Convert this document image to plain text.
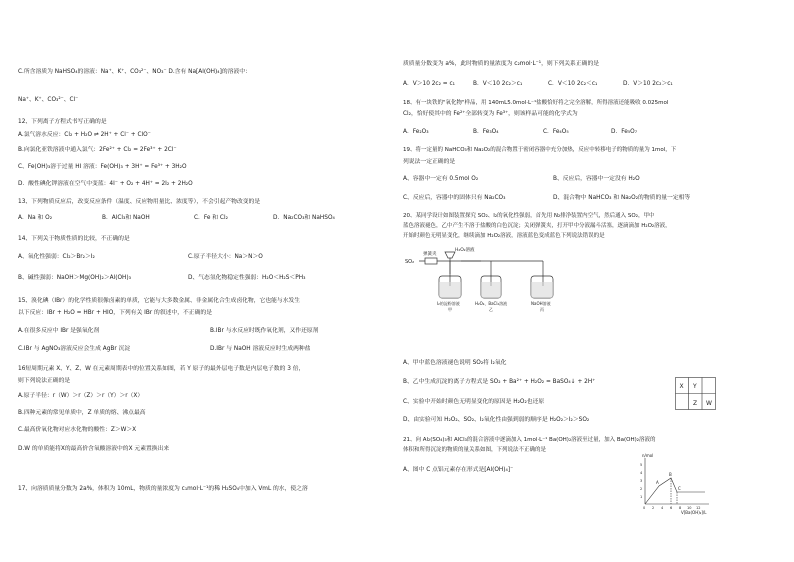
C.所含溶质为 NaHSO₄的溶液：Na⁺、K⁺、CO₃²⁻、NO₃⁻ D.含有 Na[Al(OH)₄]的溶液中：
Na⁺、K⁺、CO₃²⁻、Cl⁻
12、下列离子方程式书写正确的是
A.氯气溶水反应：Cl₂ + H₂O ⇌ 2H⁺ + Cl⁻ + ClO⁻
B.向氯化亚铁溶液中通入氯气：2Fe²⁺ + Cl₂ = 2Fe³⁺ + 2Cl⁻
C、Fe(OH)₃溶于过量 HI 溶液：Fe(OH)₃ + 3H⁺ = Fe³⁺ + 3H₂O
D．酸性碘化钾溶液在空气中变蓝：4I⁻ + O₂ + 4H⁺ = 2I₂ + 2H₂O
13、下列物质反应后，改变反应条件（温度、反应物用量比、浓度等），不会引起产物改变的是
A．Na 和 O₂	B．AlCl₃和 NaOH	C．Fe 和 Cl₂	D．Na₂CO₃和 NaHSO₄
14、下列关于物质性质的比较，不正确的是
A、氧化性强弱：Cl₂＞Br₂＞I₂	C.原子半径大小：Na＞N＞O
B、碱性强弱：NaOH＞Mg(OH)₂＞Al(OH)₃	D、气态氢化物稳定性强弱：H₂O＜H₂S＜PH₃
15、溴化碘（IBr）的化学性质很像卤素的单质，它能与大多数金属、非金属化合生成卤化物，它也能与水发生
以下反应：IBr + H₂O = HBr + HIO，下列有关 IBr 的叙述中，不正确的是
A.在很多反应中 IBr 是强氧化剂	B.IBr 与水反应时既作氧化剂，又作还原剂
C.IBr 与 AgNO₃溶液反应会生成 AgBr 沉淀	D.IBr 与 NaOH 溶液反应时生成两种盐
16短周期元素 X、Y、Z、W 在元素周期表中的位置关系如图，若 Y 原子的最外层电子数是内层电子数的 3 倍，
则下列说法正确的是
A.原子半径：r（W）＞r（Z）＞r（Y）＞r（X）
B.四种元素的常见单质中，Z 单质的熔、沸点最高
C.最高价氧化物对应水化物的酸性：Z＞W＞X
D.W 的单质能将Ⅹ的最高价含氧酸溶液中的X 元素置换出来
17、向溶质质量分数为 2a%，体积为 10mL，物质的量浓度为 c₁mol·L⁻¹的稀 H₂SO₄中加入 VmL 的水，使之溶
质质量分数变为 a%，此时物质的量浓度为 c₂mol·L⁻¹，则下列关系正确的是
A．V＞10 2c₂ = c₁	B．V＜10 2c₂＞c₁	C．V＜10 2c₂＜c₁	D．V＞10 2c₂＞c₁
18、有一块铁的"氧化物"样品，用 140mL5.0mol·L⁻¹盐酸恰好将之完全溶解，所得溶液还能吸收 0.025mol
Cl₂，恰好使其中的 Fe²⁺全部转变为 Fe³⁺，则该样品可能的化学式为
A．Fe₂O₃	B．Fe₃O₄	C．Fe₄O₅	D．Fe₅O₇
19、将一定量的 NaHCO₃和 Na₂O₂的混合物置于密闭容器中充分加热，反应中转移电子的物质的量为 1mol，下
列说法一定正确的是
A、容器中一定有 0.5mol O₂	B、反应后，容器中一定没有 H₂O
C、反应后，容器中的固体只有 Na₂CO₃	D、混合物中 NaHCO₃ 和 Na₂O₂的物质的量一定相等
20、某同学设计如图装置探究 SO₂、I₂的氧化性强弱，首先用 N₂排净装置内空气，然后通入 SO₂，甲中
蓝色溶液褪色，乙中产生不溶于盐酸的白色沉淀；关闭弹簧夹，打开甲中分液漏斗活塞，逐滴滴加 H₂O₂溶液，
开始时颜色无明显变化，继续滴加 H₂O₂溶液，溶液蓝色变成蓝色下列说法错误的是
SO₂
弹簧夹
H₂O₂溶液
I₂的淀粉溶液
甲
H₂O₂、BaCl₂溶液
乙
NaOH溶液
丙
A、甲中蓝色溶液褪色说明 SO₂将 I₂氧化
B、乙中生成沉淀的离子方程式是 SO₂ + Ba²⁺ + H₂O₂ = BaSO₄↓ + 2H⁺
C、实验中开始时颜色无明显变化的原因是 H₂O₂也还原
D、由实验可知 H₂O₂、SO₂、I₂氧化性由强到弱的顺序是 H₂O₂＞I₂＞SO₂
X Y
Z W
21、向 Al₂(SO₄)₃和 AlCl₃的混合溶液中逐滴加入 1mol·L⁻¹ Ba(OH)₂溶液至过量，加入 Ba(OH)₂溶液的
体积和所得沉淀的物质的量关系如图，下列说法不正确的是
A、图中 C 点铝元素存在形式是[Al(OH)₄]⁻
n/mol
V[Ba(OH)₂]/L
A
B
C
5
4
3
2
1
0 2 4 6 8 10 12
